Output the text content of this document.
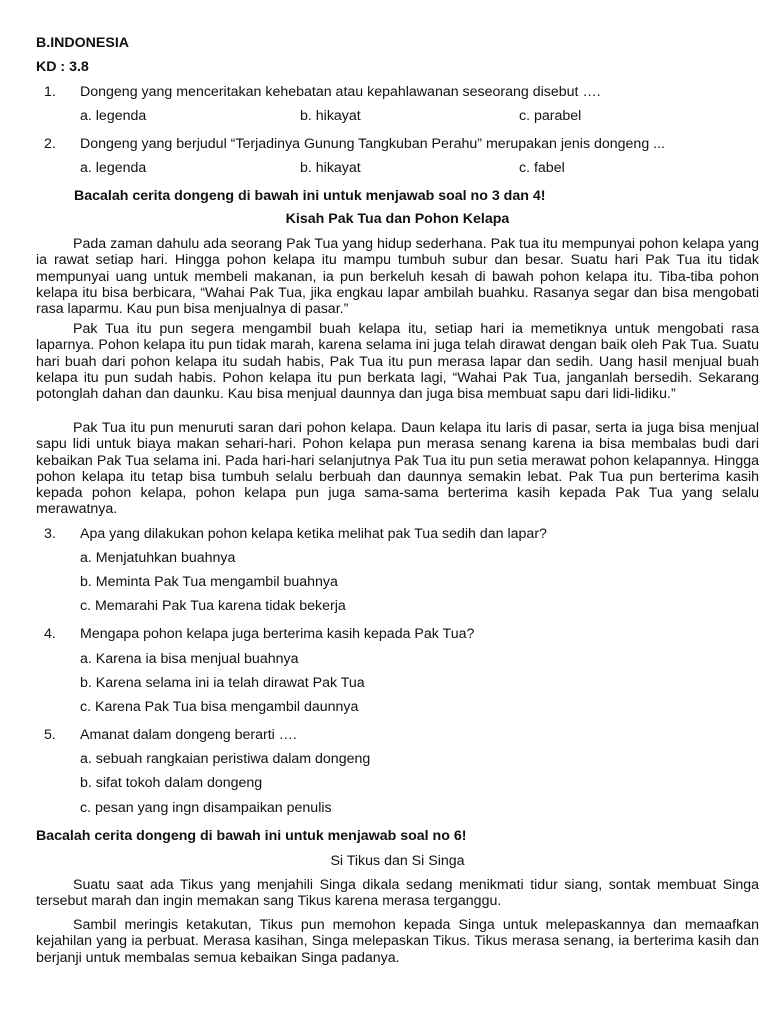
B.INDONESIA
KD : 3.8
1. Dongeng yang menceritakan kehebatan atau kepahlawanan seseorang disebut ….
a. legenda	b. hikayat	c. parabel
2. Dongeng yang berjudul “Terjadinya Gunung Tangkuban Perahu” merupakan jenis dongeng ...
a. legenda	b. hikayat	c. fabel
Bacalah cerita dongeng di bawah ini untuk menjawab soal no 3 dan 4!
Kisah Pak Tua dan Pohon Kelapa
Pada zaman dahulu ada seorang Pak Tua yang hidup sederhana. Pak tua itu mempunyai pohon kelapa yang ia rawat setiap hari. Hingga pohon kelapa itu mampu tumbuh subur dan besar. Suatu hari Pak Tua itu tidak mempunyai uang untuk membeli makanan, ia pun berkeluh kesah di bawah pohon kelapa itu. Tiba-tiba pohon kelapa itu bisa berbicara, “Wahai Pak Tua, jika engkau lapar ambilah buahku. Rasanya segar dan bisa mengobati rasa laparmu. Kau pun bisa menjualnya di pasar.”
Pak Tua itu pun segera mengambil buah kelapa itu, setiap hari ia memetiknya untuk mengobati rasa laparnya. Pohon kelapa itu pun tidak marah, karena selama ini juga telah dirawat dengan baik oleh Pak Tua. Suatu hari buah dari pohon kelapa itu sudah habis, Pak Tua itu pun merasa lapar dan sedih. Uang hasil menjual buah kelapa itu pun sudah habis. Pohon kelapa itu pun berkata lagi, “Wahai Pak Tua, janganlah bersedih. Sekarang potonglah dahan dan daunku. Kau bisa menjual daunnya dan juga bisa membuat sapu dari lidi-lidiku.”
Pak Tua itu pun menuruti saran dari pohon kelapa. Daun kelapa itu laris di pasar, serta ia juga bisa menjual sapu lidi untuk biaya makan sehari-hari. Pohon kelapa pun merasa senang karena ia bisa membalas budi dari kebaikan Pak Tua selama ini. Pada hari-hari selanjutnya Pak Tua itu pun setia merawat pohon kelapannya. Hingga pohon kelapa itu tetap bisa tumbuh selalu berbuah dan daunnya semakin lebat. Pak Tua pun berterima kasih kepada pohon kelapa, pohon kelapa pun juga sama-sama berterima kasih kepada Pak Tua yang selalu merawatnya.
3. Apa yang dilakukan pohon kelapa ketika melihat pak Tua sedih dan lapar?
a. Menjatuhkan buahnya
b. Meminta Pak Tua mengambil buahnya
c. Memarahi Pak Tua karena tidak bekerja
4. Mengapa pohon kelapa juga berterima kasih kepada Pak Tua?
a. Karena ia bisa menjual buahnya
b. Karena selama ini ia telah dirawat Pak Tua
c. Karena Pak Tua bisa mengambil daunnya
5. Amanat dalam dongeng berarti ….
a. sebuah rangkaian peristiwa dalam dongeng
b. sifat tokoh dalam dongeng
c. pesan yang ingn disampaikan penulis
Bacalah cerita dongeng di bawah ini untuk menjawab soal no 6!
Si Tikus dan Si Singa
Suatu saat ada Tikus yang menjahili Singa dikala sedang menikmati tidur siang, sontak membuat Singa tersebut marah dan ingin memakan sang Tikus karena merasa terganggu.
Sambil meringis ketakutan, Tikus pun memohon kepada Singa untuk melepaskannya dan memaafkan kejahilan yang ia perbuat. Merasa kasihan, Singa melepaskan Tikus. Tikus merasa senang, ia berterima kasih dan berjanji untuk membalas semua kebaikan Singa padanya.
